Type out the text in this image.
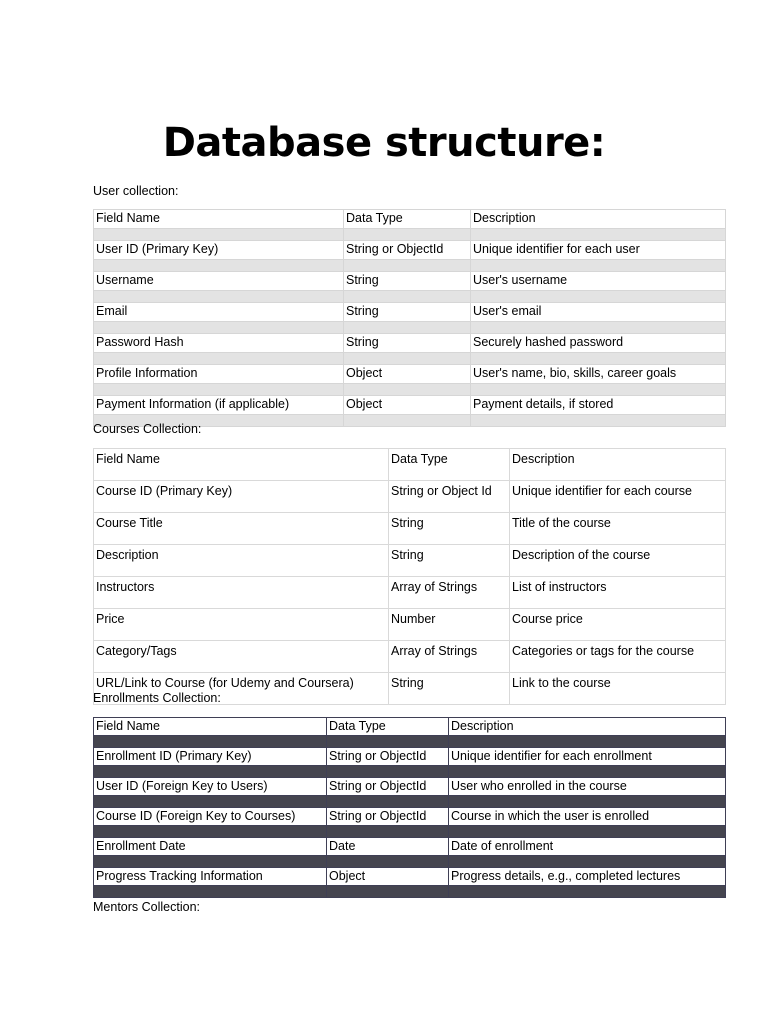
Database structure:
User collection:
Field Name	Data Type	Description

User ID (Primary Key)	String or ObjectId	Unique identifier for each user

Username	String	User's username

Email	String	User's email

Password Hash	String	Securely hashed password

Profile Information	Object	User's name, bio, skills, career goals

Payment Information (if applicable)	Object	Payment details, if stored

Courses Collection:
Field Name	Data Type	Description
Course ID (Primary Key)	String or Object Id	Unique identifier for each course
Course Title	String	Title of the course
Description	String	Description of the course
Instructors	Array of Strings	List of instructors
Price	Number	Course price
Category/Tags	Array of Strings	Categories or tags for the course
URL/Link to Course (for Udemy and Coursera)	String	Link to the course
Enrollments Collection:
Field Name	Data Type	Description

Enrollment ID (Primary Key)	String or ObjectId	Unique identifier for each enrollment

User ID (Foreign Key to Users)	String or ObjectId	User who enrolled in the course

Course ID (Foreign Key to Courses)	String or ObjectId	Course in which the user is enrolled

Enrollment Date	Date	Date of enrollment

Progress Tracking Information	Object	Progress details, e.g., completed lectures

Mentors Collection:
